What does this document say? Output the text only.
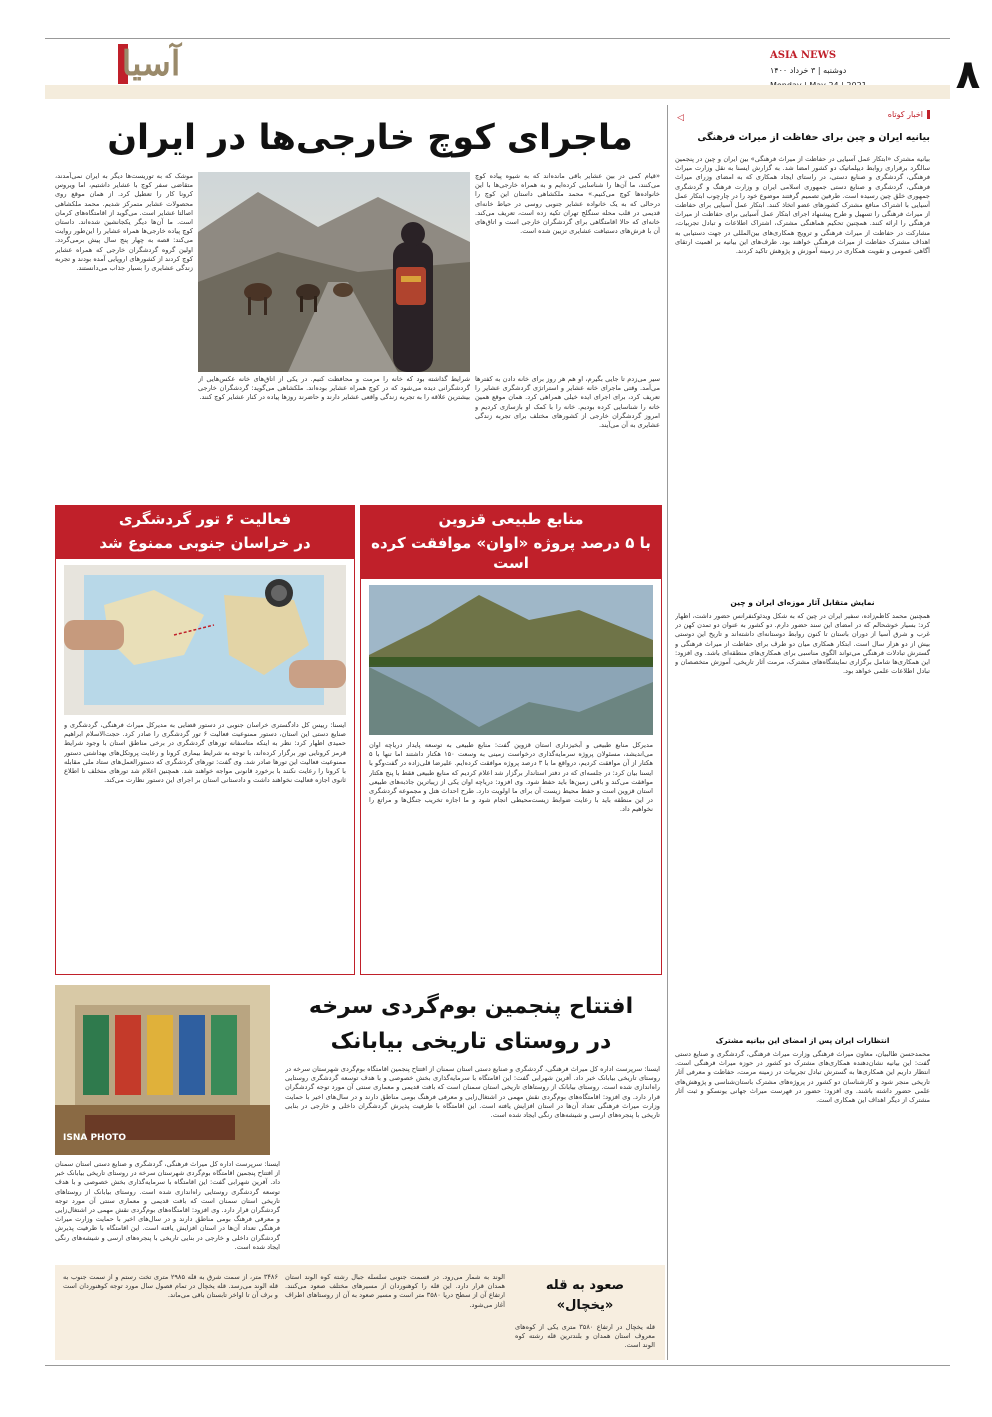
۸
ASIA NEWS
دوشنبه | ۳ خرداد ۱۴۰۰
آسیا
اخبار کوتاه
◁
بیانیه ایران و چین برای حفاظت از میراث فرهنگی
بیانیه مشترک «ابتکار عمل آسیایی در حفاظت از میراث فرهنگی» بین ایران و چین در پنجمین سالگرد برقراری روابط دیپلماتیک دو کشور امضا شد. به گزارش ایسنا به نقل وزارت میراث فرهنگی، گردشگری و صنایع دستی، در راستای ایجاد همکاری که به امضای وزرای میراث فرهنگی، گردشگری و صنایع دستی جمهوری اسلامی ایران و وزارت فرهنگ و گردشگری جمهوری خلق چین رسیده است. طرفین تصمیم گرفتند موضوع خود را در چارچوب ابتکار عمل آسیایی با اشتراک منافع مشترک کشورهای عضو اتخاذ کنند. ابتکار عمل آسیایی برای حفاظت از میراث فرهنگی را تسهیل و طرح پیشنهاد اجرای ابتکار عمل آسیایی برای حفاظت از میراث فرهنگی را ارائه کنند. همچنین تحکیم هماهنگی مشترک، اشتراک اطلاعات و تبادل تجربیات، مشارکت در حفاظت از میراث فرهنگی و ترویج همکاری‌های بین‌المللی در جهت دستیابی به اهداف مشترک حفاظت از میراث فرهنگی خواهند بود. طرف‌های این بیانیه بر اهمیت ارتقای آگاهی عمومی و تقویت همکاری در زمینه آموزش و پژوهش تاکید کردند.
نمایش متقابل آثار موزه‌ای ایران و چین
همچنین محمد کاظم‌زاده، سفیر ایران در چین که به شکل ویدئوکنفرانس حضور داشت، اظهار کرد: بسیار خوشحالم که در امضای این سند حضور دارم. دو کشور به عنوان دو تمدن کهن در غرب و شرق آسیا از دوران باستان تا کنون روابط دوستانه‌ای داشته‌اند و تاریخ این دوستی بیش از دو هزار سال است. ابتکار همکاری میان دو طرف برای حفاظت از میراث فرهنگی و گسترش تبادلات فرهنگی می‌تواند الگوی مناسبی برای همکاری‌های منطقه‌ای باشد. وی افزود: این همکاری‌ها شامل برگزاری نمایشگاه‌های مشترک، مرمت آثار تاریخی، آموزش متخصصان و تبادل اطلاعات علمی خواهد بود.
انتظارات ایران پس از امضای این بیانیه مشترک
محمدحسن طالبیان، معاون میراث فرهنگی وزارت میراث فرهنگی، گردشگری و صنایع دستی گفت: این بیانیه نشان‌دهنده همکاری‌های مشترک دو کشور در حوزه میراث فرهنگی است. انتظار داریم این همکاری‌ها به گسترش تبادل تجربیات در زمینه مرمت، حفاظت و معرفی آثار تاریخی منجر شود و کارشناسان دو کشور در پروژه‌های مشترک باستان‌شناسی و پژوهش‌های علمی حضور داشته باشند. وی افزود: حضور در فهرست میراث جهانی یونسکو و ثبت آثار مشترک از دیگر اهداف این همکاری است.
ماجرای کوچ خارجی‌ها در ایران
«قیام کمی در بین عشایر باقی مانده‌اند که به شیوه پیاده کوچ می‌کنند، ما آن‌ها را شناسایی کرده‌ایم و به همراه خارجی‌ها با این خانواده‌ها کوچ می‌کنیم.» محمد ملکشاهی داستان این کوچ را درحالی که به یک خانواده عشایر جنوبی روسی در حیاط خانه‌ای قدیمی در قلب محله سنگلج تهران تکیه زده است، تعریف می‌کند. خانه‌ای که حالا اقامتگاهی برای گردشگران خارجی است و اتاق‌های آن با فرش‌های دستبافت عشایری تزیین شده است.
سیر می‌زدم تا جایی بگیرم، او هم هر روز برای خانه دادن به کفترها می‌آمد. وقتی ماجرای خانه عشایر و استراتژی گردشگری عشایر را تعریف کرد، برای اجرای ایده خیلی همراهی کرد. همان موقع همین خانه را شناسایی کرده بودیم. خانه را با کمک او بازسازی کردیم و امروز گردشگران خارجی از کشورهای مختلف برای تجربه زندگی عشایری به آن می‌آیند.
شرایط گذاشته بود که خانه را مرمت و محافظت کنیم. در یکی از اتاق‌های خانه عکس‌هایی از گردشگرانی دیده می‌شود که در کوچ همراه عشایر بوده‌اند. ملکشاهی می‌گوید: گردشگران خارجی بیشترین علاقه را به تجربه زندگی واقعی عشایر دارند و حاضرند روزها پیاده در کنار عشایر کوچ کنند.
موشک که به توریست‌ها دیگر به ایران نمی‌آمدند، متقاضی سفر کوچ با عشایر داشتیم، اما ویروس کرونا کار را تعطیل کرد. از همان موقع روی محصولات عشایر متمرکز شدیم. محمد ملکشاهی اصالتا عشایر است. می‌گوید از اقامتگاه‌های کرمان است. ما آن‌ها دیگر یکجانشین شده‌اند. داستان کوچ پیاده خارجی‌ها همراه عشایر را این‌طور روایت می‌کند: قصه به چهار پنج سال پیش برمی‌گردد. اولین گروه گردشگران خارجی که همراه عشایر کوچ کردند از کشورهای اروپایی آمده بودند و تجربه زندگی عشایری را بسیار جذاب می‌دانستند.
منابع طبیعی قزوین
با ۵ درصد پروژه «اوان» موافقت کرده است
مدیرکل منابع طبیعی و آبخیزداری استان قزوین گفت: منابع طبیعی به توسعه پایدار دریاچه اوان می‌اندیشد، مسئولان پروژه سرمایه‌گذاری درخواست زمینی به وسعت ۱۵۰ هکتار داشتند اما تنها با ۵ هکتار از آن موافقت کردیم، درواقع ما با ۳ درصد پروژه موافقت کرده‌ایم. علیرضا قلی‌زاده در گفت‌وگو با ایسنا بیان کرد: در جلسه‌ای که در دفتر استاندار برگزار شد اعلام کردیم که منابع طبیعی فقط با پنج هکتار موافقت می‌کند و باقی زمین‌ها باید حفظ شود. وی افزود: دریاچه اوان یکی از زیباترین جاذبه‌های طبیعی استان قزوین است و حفظ محیط زیست آن برای ما اولویت دارد. طرح احداث هتل و مجموعه گردشگری در این منطقه باید با رعایت ضوابط زیست‌محیطی انجام شود و ما اجازه تخریب جنگل‌ها و مراتع را نخواهیم داد.
فعالیت ۶ تور گردشگری
در خراسان جنوبی ممنوع شد
ایسنا: رییس کل دادگستری خراسان جنوبی در دستور قضایی به مدیرکل میراث فرهنگی، گردشگری و صنایع دستی این استان، دستور ممنوعیت فعالیت ۶ تور گردشگری را صادر کرد. حجت‌الاسلام ابراهیم حمیدی اظهار کرد: نظر به اینکه متاسفانه تورهای گردشگری در برخی مناطق استان با وجود شرایط قرمز کرونایی تور برگزار کرده‌اند، با توجه به شرایط بیماری کرونا و رعایت پروتکل‌های بهداشتی دستور ممنوعیت فعالیت این تورها صادر شد. وی گفت: تورهای گردشگری که دستورالعمل‌های ستاد ملی مقابله با کرونا را رعایت نکنند با برخورد قانونی مواجه خواهند شد. همچنین اعلام شد تورهای متخلف تا اطلاع ثانوی اجازه فعالیت نخواهند داشت و دادستانی استان بر اجرای این دستور نظارت می‌کند.
ISNA PHOTO
افتتاح پنجمین بوم‌گردی سرخه
در روستای تاریخی بیابانک
ایسنا: سرپرست اداره کل میراث فرهنگی، گردشگری و صنایع دستی استان سمنان از افتتاح پنجمین اقامتگاه بوم‌گردی شهرستان سرخه در روستای تاریخی بیابانک خبر داد. آفرین شهرابی گفت: این اقامتگاه با سرمایه‌گذاری بخش خصوصی و با هدف توسعه گردشگری روستایی راه‌اندازی شده است. روستای بیابانک از روستاهای تاریخی استان سمنان است که بافت قدیمی و معماری سنتی آن مورد توجه گردشگران قرار دارد. وی افزود: اقامتگاه‌های بوم‌گردی نقش مهمی در اشتغال‌زایی و معرفی فرهنگ بومی مناطق دارند و در سال‌های اخیر با حمایت وزارت میراث فرهنگی تعداد آن‌ها در استان افزایش یافته است. این اقامتگاه با ظرفیت پذیرش گردشگران داخلی و خارجی در بنایی تاریخی با پنجره‌های ارسی و شیشه‌های رنگی ایجاد شده است.
ایسنا: سرپرست اداره کل میراث فرهنگی، گردشگری و صنایع دستی استان سمنان از افتتاح پنجمین اقامتگاه بوم‌گردی شهرستان سرخه در روستای تاریخی بیابانک خبر داد. آفرین شهرابی گفت: این اقامتگاه با سرمایه‌گذاری بخش خصوصی و با هدف توسعه گردشگری روستایی راه‌اندازی شده است. روستای بیابانک از روستاهای تاریخی استان سمنان است که بافت قدیمی و معماری سنتی آن مورد توجه گردشگران قرار دارد. وی افزود: اقامتگاه‌های بوم‌گردی نقش مهمی در اشتغال‌زایی و معرفی فرهنگ بومی مناطق دارند و در سال‌های اخیر با حمایت وزارت میراث فرهنگی تعداد آن‌ها در استان افزایش یافته است. این اقامتگاه با ظرفیت پذیرش گردشگران داخلی و خارجی در بنایی تاریخی با پنجره‌های ارسی و شیشه‌های رنگی ایجاد شده است.
صعود به قله
«یخچال»
قله یخچال در ارتفاع ۳۵۸۰ متری یکی از کوه‌های معروف استان همدان و بلندترین قله رشته کوه الوند است.
الوند به شمار می‌رود. در قسمت جنوبی سلسله جبال رشته کوه الوند استان همدان قرار دارد. این قله را کوهنوردان از مسیرهای مختلف صعود می‌کنند. ارتفاع آن از سطح دریا ۳۵۸۰ متر است و مسیر صعود به آن از روستاهای اطراف آغاز می‌شود.
۳۴۸۶ متر، از سمت شرق به قله ۲۹۸۵ متری تخت رستم و از سمت جنوب به قله الوند می‌رسد. قله یخچال در تمام فصول سال مورد توجه کوهنوردان است و برف آن تا اواخر تابستان باقی می‌ماند.
